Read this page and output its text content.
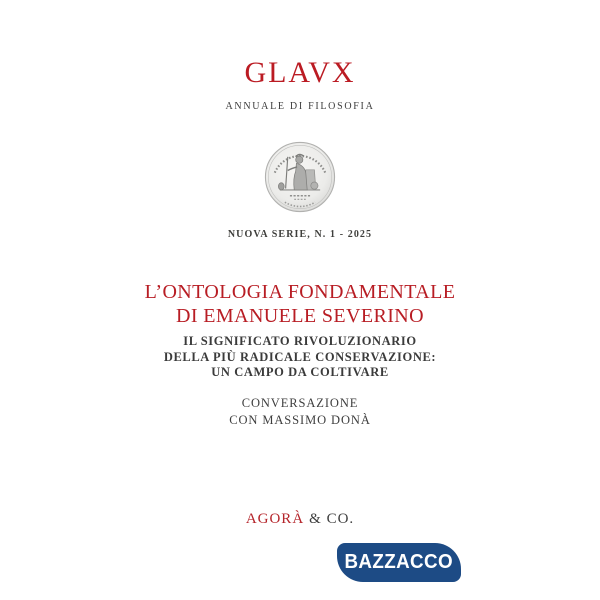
GLAVX
ANNUALE DI FILOSOFIA
NUOVA SERIE, N. 1 - 2025
L’ONTOLOGIA FONDAMENTALE
DI EMANUELE SEVERINO
IL SIGNIFICATO RIVOLUZIONARIO
DELLA PIÙ RADICALE CONSERVAZIONE:
UN CAMPO DA COLTIVARE
CONVERSAZIONE
CON MASSIMO DONÀ
AGORÀ & CO.
BAZZACCO
